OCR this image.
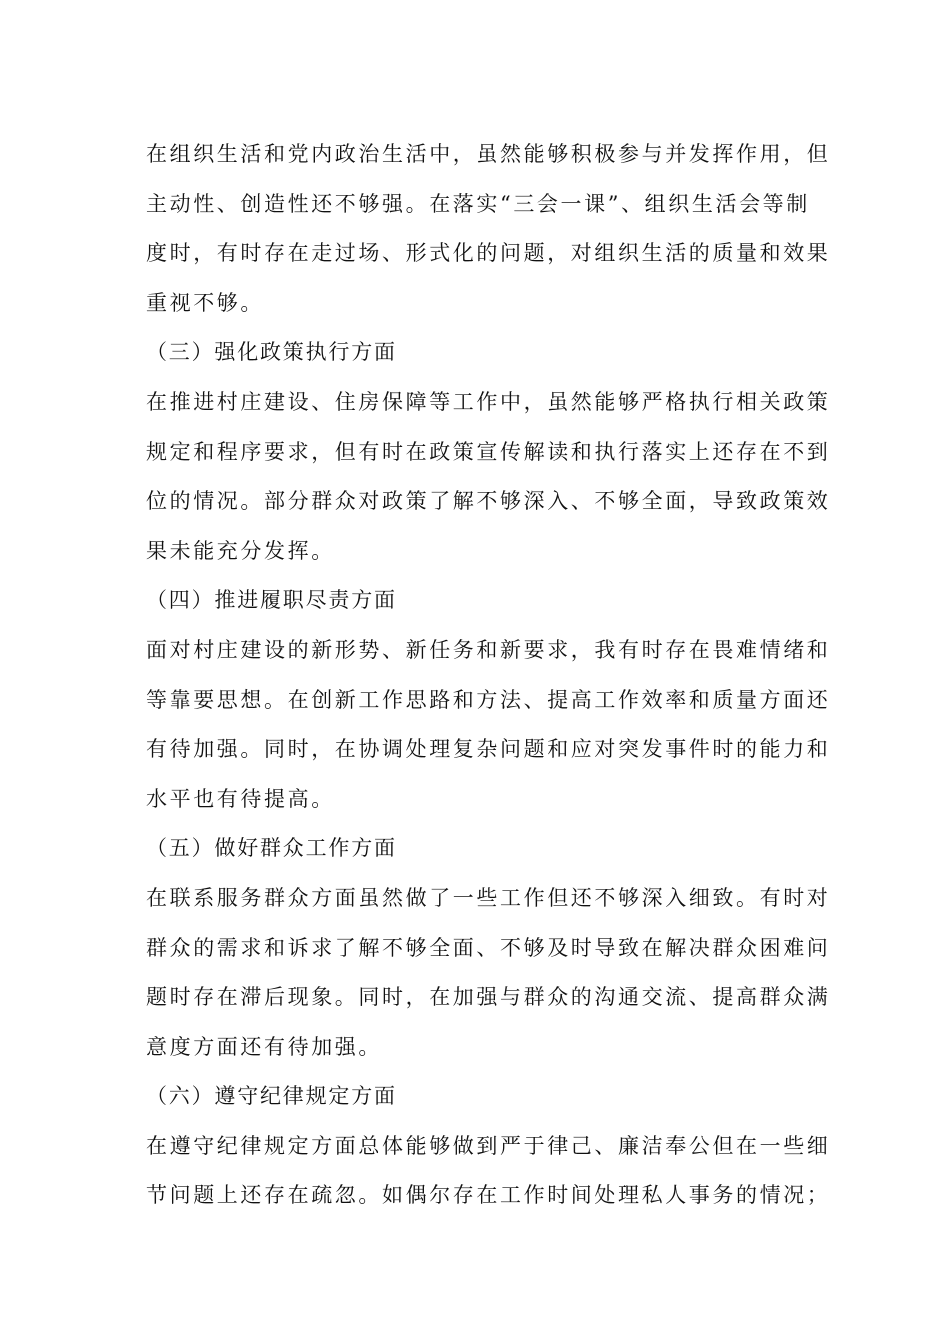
在组织生活和党内政治生活中，虽然能够积极参与并发挥作用，但
主动性、创造性还不够强。在落实“三会一课”、组织生活会等制
度时，有时存在走过场、形式化的问题，对组织生活的质量和效果
重视不够。
（三）强化政策执行方面
在推进村庄建设、住房保障等工作中，虽然能够严格执行相关政策
规定和程序要求，但有时在政策宣传解读和执行落实上还存在不到
位的情况。部分群众对政策了解不够深入、不够全面，导致政策效
果未能充分发挥。
（四）推进履职尽责方面
面对村庄建设的新形势、新任务和新要求，我有时存在畏难情绪和
等靠要思想。在创新工作思路和方法、提高工作效率和质量方面还
有待加强。同时，在协调处理复杂问题和应对突发事件时的能力和
水平也有待提高。
（五）做好群众工作方面
在联系服务群众方面虽然做了一些工作但还不够深入细致。有时对
群众的需求和诉求了解不够全面、不够及时导致在解决群众困难问
题时存在滞后现象。同时，在加强与群众的沟通交流、提高群众满
意度方面还有待加强。
（六）遵守纪律规定方面
在遵守纪律规定方面总体能够做到严于律己、廉洁奉公但在一些细
节问题上还存在疏忽。如偶尔存在工作时间处理私人事务的情况；
